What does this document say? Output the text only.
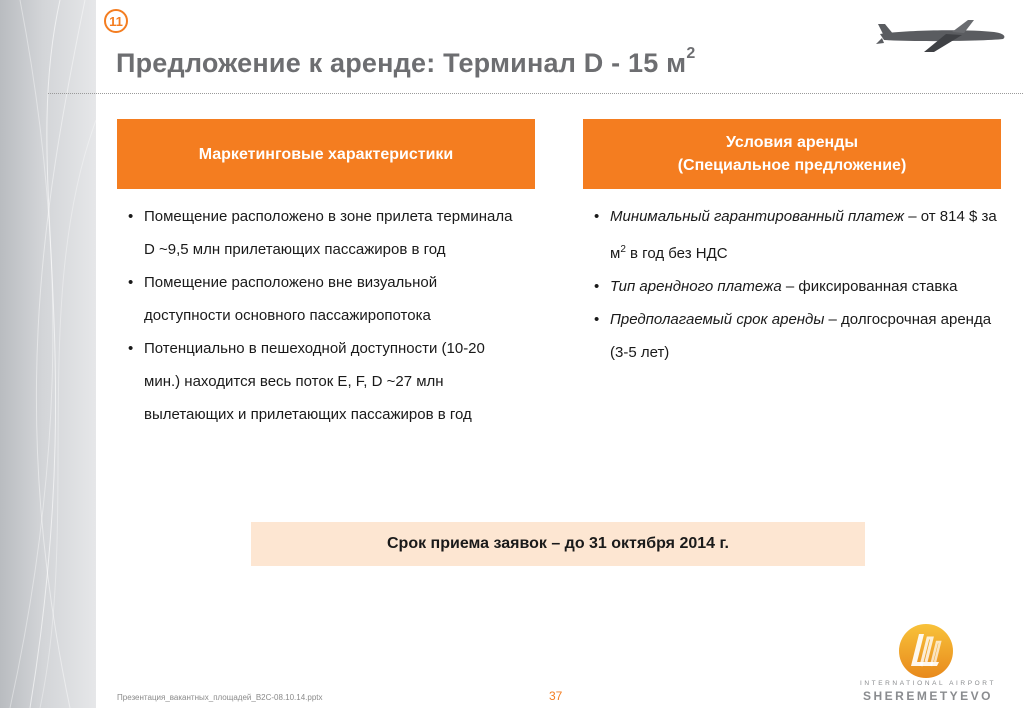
11
Предложение к аренде: Терминал D - 15 $м^2$
Маркетинговые характеристики
Условия аренды
(Специальное предложение)
• Помещение расположено в зоне прилета терминала D ~9,5 млн прилетающих пассажиров в год
• Помещение расположено вне визуальной доступности основного пассажиропотока
• Потенциально в пешеходной доступности (10-20 мин.) находится весь поток E, F, D ~27 млн вылетающих и прилетающих пассажиров в год
• Минимальный гарантированный платеж – от 814 $ за $м^2$ в год без НДС
• Тип арендного платежа – фиксированная ставка
• Предполагаемый срок аренды – долгосрочная аренда (3-5 лет)
Срок приема заявок – до 31 октября 2014 г.
Презентация_вакантных_площадей_B2C-08.10.14.pptx	37
INTERNATIONAL AIRPORT
SHEREMETYEVO
